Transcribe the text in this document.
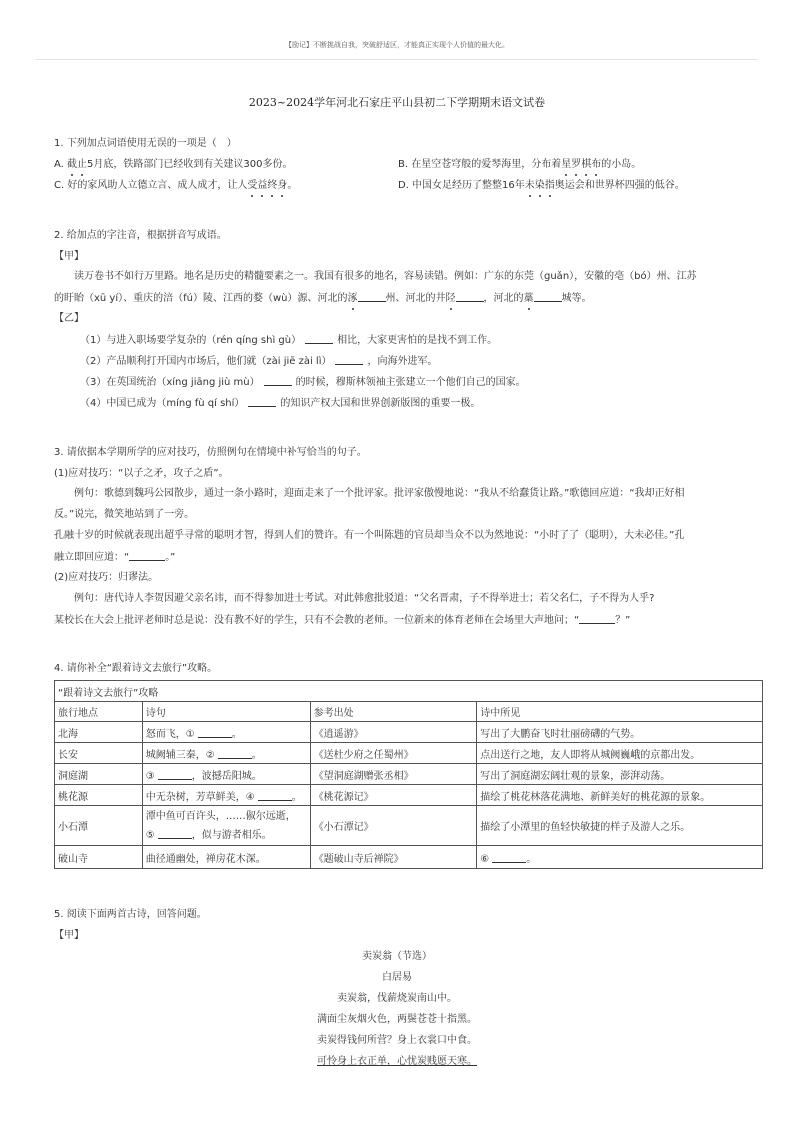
【励记】不断挑战自我，突破舒适区，才能真正实现个人价值的最大化。
2023~2024学年河北石家庄平山县初二下学期期末语文试卷
1. 下列加点词语使用无误的一项是（　）
A. 截止5月底，铁路部门已经收到有关建议300多份。	B. 在星空苍穹般的爱琴海里，分布着星罗棋布的小岛。
C. 好的家风助人立德立言、成人成才，让人受益终身。	D. 中国女足经历了整整16年未染指奥运会和世界杯四强的低谷。
2. 给加点的字注音，根据拼音写成语。
【甲】
读万卷书不如行万里路。地名是历史的精髓要素之一。我国有很多的地名，容易读错。例如：广东的东莞（guǎn），安徽的亳（bó）州、江苏
的盱眙（xū yí）、重庆的涪（fú）陵、江西的婺（wù）源、河北的涿	州、河北的井陉	，河北的藁	城等。
【乙】
（1）与进入职场要学复杂的（rén qíng shì gù）	相比，大家更害怕的是找不到工作。
（2）产品顺利打开国内市场后，他们就（zài jiē zài lì）	，向海外进军。
（3）在英国统治（xíng jiāng jiù mù）	的时候，穆斯林领袖主张建立一个他们自己的国家。
（4）中国已成为（míng fù qí shí）	的知识产权大国和世界创新版图的重要一极。
3. 请依据本学期所学的应对技巧，仿照例句在情境中补写恰当的句子。
(1)应对技巧：“以子之矛，攻子之盾”。
例句：歌德到魏玛公园散步，通过一条小路时，迎面走来了一个批评家。批评家傲慢地说：“我从不给蠢货让路。”歌德回应道：“我却正好相
反。”说完，微笑地站到了一旁。
孔融十岁的时候就表现出超乎寻常的聪明才智，得到人们的赞许。有一个叫陈韪的官员却当众不以为然地说：“小时了了（聪明），大未必佳。”孔
融立即回应道：“	。”
(2)应对技巧：归谬法。
例句：唐代诗人李贺因避父亲名讳，而不得参加进士考试。对此韩愈批驳道：“父名晋肃，子不得举进士；若父名仁，子不得为人乎?
某校长在大会上批评老师时总是说：没有教不好的学生，只有不会教的老师。一位新来的体育老师在会场里大声地问；“	？”
4. 请你补全“跟着诗文去旅行”攻略。
“跟着诗文去旅行”攻略			
旅行地点	诗句	参考出处	诗中所见
北海	怒而飞，① 。	《逍遥游》	写出了大鹏奋飞时壮丽磅礴的气势。
长安	城阙辅三秦，② 。	《送杜少府之任蜀州》	点出送行之地，友人即将从城阙巍峨的京都出发。
洞庭湖	③ ，波撼岳阳城。	《望洞庭湖赠张丞相》	写出了洞庭湖宏阔壮观的景象，澎湃动荡。
桃花源	中无杂树，芳草鲜美，④ 。	《桃花源记》	描绘了桃花林落花满地、新鲜美好的桃花源的景象。
小石潭	潭中鱼可百许头，……俶尔远逝，
⑤ ，似与游者相乐。	《小石潭记》	描绘了小潭里的鱼轻快敏捷的样子及游人之乐。
破山寺	曲径通幽处，禅房花木深。	《题破山寺后禅院》	⑥ 。
5. 阅读下面两首古诗，回答问题。
【甲】
卖炭翁（节选）
白居易
卖炭翁，伐薪烧炭南山中。
满面尘灰烟火色，两鬓苍苍十指黑。
卖炭得钱何所营？身上衣裳口中食。
可怜身上衣正单，心忧炭贱愿天寒。
